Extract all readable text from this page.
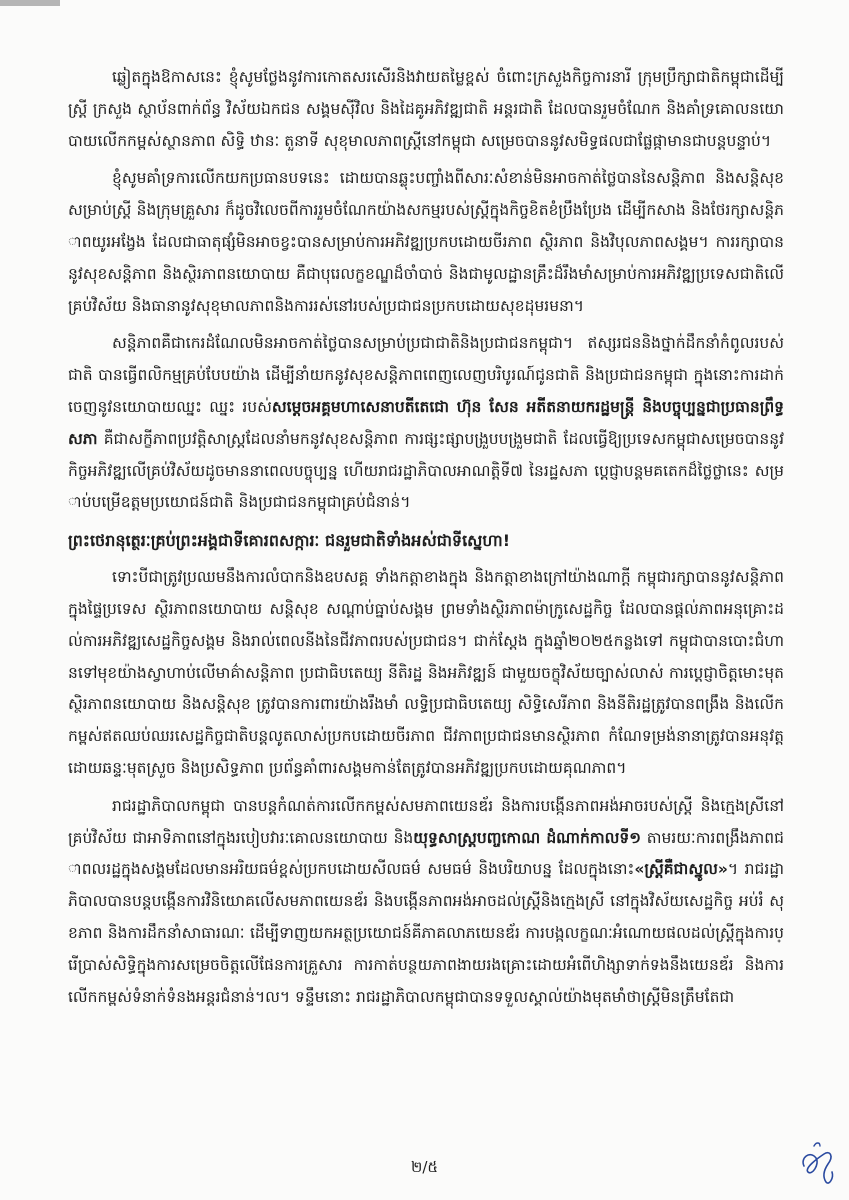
ឆ្លៀតក្នុងឱកាសនេះ ខ្ញុំសូមថ្លែងនូវការកោតសរសើរនិងវាយតម្លៃខ្ពស់ ចំពោះក្រសួងកិច្ចការនារី ក្រុមប្រឹក្សាជាតិកម្ពុជាដើម្បីស្ត្រី ក្រសួង ស្ថាប័នពាក់ព័ន្ធ វិស័យឯកជន សង្គមស៊ីវិល និងដៃគូអភិវឌ្ឍជាតិ អន្តរជាតិ ដែលបានរួមចំណែក និងគាំទ្រគោលនយោបាយលើកកម្ពស់ស្ថានភាព សិទ្ធិ ឋានៈ តួនាទី សុខុមាលភាពស្ត្រីនៅកម្ពុជា សម្រេចបាននូវសមិទ្ធផលជាផ្លែផ្កាមានជាបន្តបន្ទាប់។

ខ្ញុំសូមគាំទ្រការលើកយកប្រធានបទនេះ ដោយបានឆ្លុះបញ្ចាំងពីសារៈសំខាន់មិនអាចកាត់ថ្លៃបាននៃសន្តិភាព និងសន្តិសុខសម្រាប់ស្ត្រី និងក្រុមគ្រួសារ ក៏ដូចវិលេចពីការរួមចំណែកយ៉ាងសកម្មរបស់ស្ត្រីក្នុងកិច្ចខិតខំប្រឹងប្រែង ដើម្បីកសាង និងថែរក្សាសន្តិភាពយូរអង្វែង ដែលជាធាតុផ្សំមិនអាចខ្វះបានសម្រាប់ការអភិវឌ្ឍប្រកបដោយចីរភាព ស្ថិរភាព និងវិបុលភាពសង្គម។ ការរក្សាបាននូវសុខសន្តិភាព និងស្ថិរភាពនយោបាយ គឺជាបុរេលក្ខខណ្ឌដ៏ចាំបាច់ និងជាមូលដ្ឋានគ្រឹះដ៏រឹងមាំសម្រាប់ការអភិវឌ្ឍប្រទេសជាតិលើគ្រប់វិស័យ និងធានានូវសុខុមាលភាពនិងការរស់នៅរបស់ប្រជាជនប្រកបដោយសុខដុមរមនា។

សន្តិភាពគឺជាកេរដំណែលមិនអាចកាត់ថ្លៃបានសម្រាប់ប្រជាជាតិនិងប្រជាជនកម្ពុជា។ ឥស្សរជននិងថ្នាក់ដឹកនាំកំពូលរបស់ជាតិ បានធ្វើពលិកម្មគ្រប់បែបយ៉ាង ដើម្បីនាំយកនូវសុខសន្តិភាពពេញលេញបរិបូរណ៍ជូនជាតិ និងប្រជាជនកម្ពុជា ក្នុងនោះការដាក់ចេញនូវនយោបាយឈ្នះ ឈ្នះ របស់សម្តេចអគ្គមហាសេនាបតីតេជោ ហ៊ុន សែន អតីតនាយករដ្ឋមន្ត្រី និងបច្ចុប្បន្នជាប្រធានព្រឹទ្ធសភា គឺជាសក្ខីភាពប្រវត្តិសាស្ត្រដែលនាំមកនូវសុខសន្តិភាព ការផ្សះផ្សាបង្រួបបង្រួមជាតិ ដែលធ្វើឱ្យប្រទេសកម្ពុជាសម្រេចបាននូវកិច្ចអភិវឌ្ឍលើគ្រប់វិស័យដូចមាននាពេលបច្ចុប្បន្ន ហើយរាជរដ្ឋាភិបាលអាណត្តិទី៧ នៃរដ្ឋសភា ប្តេជ្ញាបន្តមគតេកដ៏ថ្លៃថ្លានេះ សម្រាប់បម្រើឧត្តមប្រយោជន៍ជាតិ និងប្រជាជនកម្ពុជាគ្រប់ជំនាន់។

ព្រះថេរានុត្ថេរៈគ្រប់ព្រះអង្គជាទីគោរពសក្ការៈ ជនរួមជាតិទាំងអស់ជាទីស្នេហា!

ទោះបីជាត្រូវប្រឈមនឹងការលំបាកនិងឧបសគ្គ ទាំងកត្តាខាងក្នុង និងកត្តាខាងក្រៅយ៉ាងណាក្តី កម្ពុជារក្សាបាននូវសន្តិភាពក្នុងផ្ទៃប្រទេស ស្ថិរភាពនយោបាយ សន្តិសុខ សណ្តាប់ធ្នាប់សង្គម ព្រមទាំងស្ថិរភាពម៉ាក្រូសេដ្ឋកិច្ច ដែលបានផ្តល់ភាពអនុគ្រោះដល់ការអភិវឌ្ឍសេដ្ឋកិច្ចសង្គម និងរាល់ពេលនីងនៃជីវភាពរបស់ប្រជាជន។ ជាក់ស្តែង ក្នុងឆ្នាំ២០២៥កន្លងទៅ កម្ពុជាបានបោះជំហានទៅមុខយ៉ាងស្វាហាប់លើមាគ៌ាសន្តិភាព ប្រជាធិបតេយ្យ នីតិរដ្ឋ និងអភិវឌ្ឍន៍ ជាមួយចក្ខុវិស័យច្បាស់លាស់ ការប្តេជ្ញាចិត្តមោះមុត ស្ថិរភាពនយោបាយ និងសន្តិសុខ ត្រូវបានការពារយ៉ាងរឹងមាំ លទ្ធិប្រជាធិបតេយ្យ សិទ្ធិសេរីភាព និងនីតិរដ្ឋត្រូវបានពង្រឹង និងលើកកម្ពស់ឥតឈប់ឈរសេដ្ឋកិច្ចជាតិបន្តលូតលាស់ប្រកបដោយចីរភាព ជីវភាពប្រជាជនមានស្ថិរភាព កំណែទម្រង់នានាត្រូវបានអនុវត្តដោយឆន្ទៈមុតស្រួច និងប្រសិទ្ធភាព ប្រព័ន្ធគាំពារសង្គមកាន់តែត្រូវបានអភិវឌ្ឍប្រកបដោយគុណភាព។

រាជរដ្ឋាភិបាលកម្ពុជា បានបន្តកំណត់ការលើកកម្ពស់សមភាពយេនឌ័រ និងការបង្កើនភាពអង់អាចរបស់ស្ត្រី និងក្មេងស្រីនៅគ្រប់វិស័យ ជាអាទិភាពនៅក្នុងរបៀបវារៈគោលនយោបាយ និងយុទ្ធសាស្ត្របញ្ចកោណ ដំណាក់កាលទី១ តាមរយៈការពង្រឹងភាពជាពលរដ្ឋក្នុងសង្គមដែលមានអរិយធម៌ខ្ពស់ប្រកបដោយសីលធម៌ សមធម៌ និងបរិយាបន្ន ដែលក្នុងនោះ«ស្ត្រីគឺជាស្នូល»។ រាជរដ្ឋាភិបាលបានបន្តបង្កើនការវិនិយោគលើសមភាពយេនឌ័រ និងបង្កើនភាពអង់អាចដល់ស្ត្រីនិងក្មេងស្រី នៅក្នុងវិស័យសេដ្ឋកិច្ច អប់រំ សុខភាព និងការដឹកនាំសាធារណៈ ដើម្បីទាញយកអត្ថប្រយោជន៍គីភាគលាភយេនឌ័រ ការបង្កលក្ខណៈអំណោយផលដល់ស្ត្រីក្នុងការប្រើប្រាស់សិទ្ធិក្នុងការសម្រេចចិត្តលើផែនការគ្រួសារ ការកាត់បន្ថយភាពងាយរងគ្រោះដោយអំពើហិង្សាទាក់ទងនឹងយេនឌ័រ និងការលើកកម្ពស់ទំនាក់ទំនងអន្តរជំនាន់។ល។ ទន្ទឹមនោះ រាជរដ្ឋាភិបាលកម្ពុជាបានទទួលស្គាល់យ៉ាងមុតមាំថាស្ត្រីមិនត្រឹមតែជា

២/៥
